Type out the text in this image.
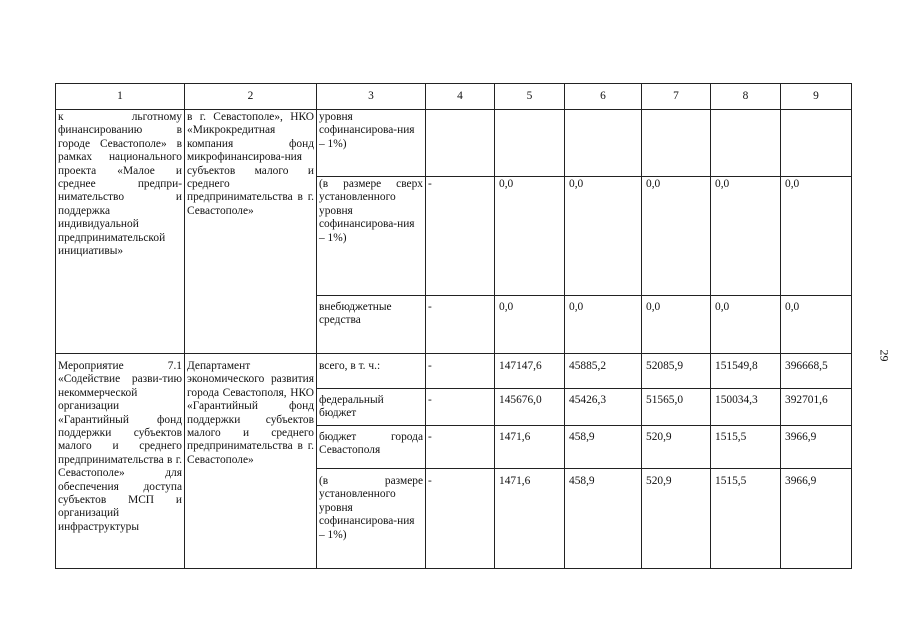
1	2	3	4	5	6	7	8	9
к льготному финансированию в городе Севастополе» в рамках национального проекта «Малое и среднее предпри-нимательство и поддержка индивидуальной предпринимательской инициативы»	в г. Севастополе», НКО «Микрокредитная компания фонд микрофинансирова-ния субъектов малого и среднего предпринимательства в г. Севастополе»	уровня софинансирова-ния – 1%)						
		(в размере сверх установленного уровня софинансирова-ния – 1%)	-	0,0	0,0	0,0	0,0	0,0
		внебюджетные средства	-	0,0	0,0	0,0	0,0	0,0
Мероприятие 7.1 «Содействие разви-тию некоммерческой организации «Гарантийный фонд поддержки субъектов малого и среднего предпринимательства в г. Севастополе» для обеспечения доступа субъектов МСП и организаций инфраструктуры	Департамент экономического развития города Севастополя, НКО «Гарантийный фонд поддержки субъектов малого и среднего предпринимательства в г. Севастополе»	всего, в т. ч.:	-	147147,6	45885,2	52085,9	151549,8	396668,5
		федеральный бюджет	-	145676,0	45426,3	51565,0	150034,3	392701,6
		бюджет города Севастополя	-	1471,6	458,9	520,9	1515,5	3966,9
		(в размере установленного уровня софинансирова-ния – 1%)	-	1471,6	458,9	520,9	1515,5	3966,9
29
